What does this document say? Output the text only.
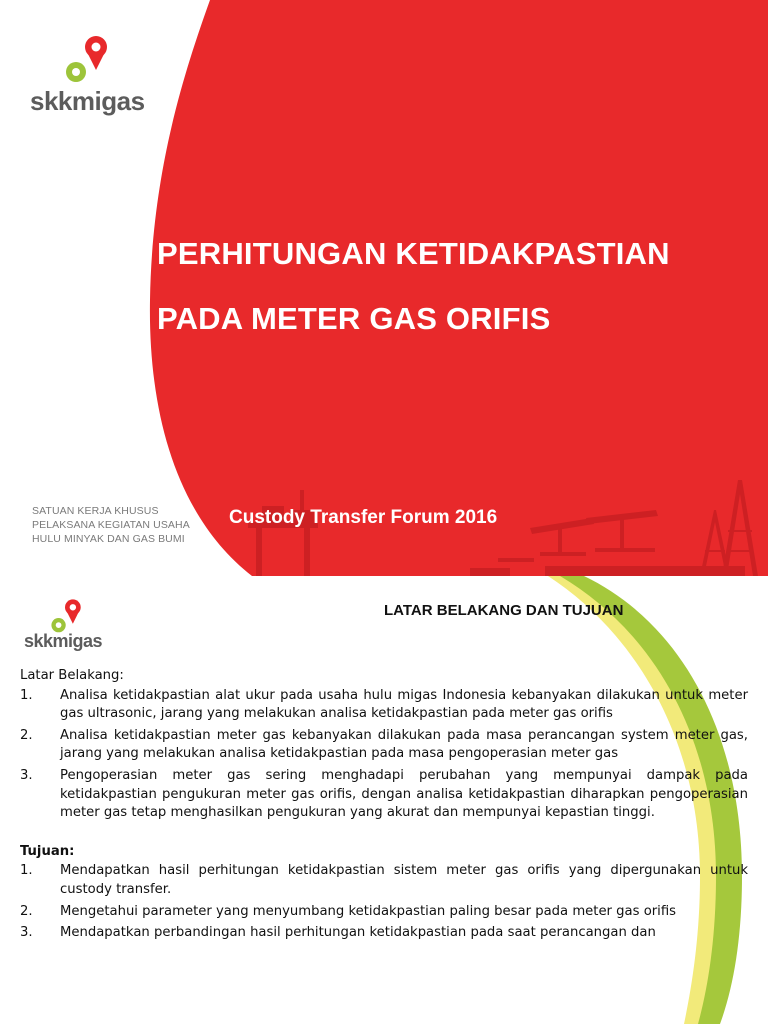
skkmigas
PERHITUNGAN KETIDAKPASTIAN
PADA METER GAS ORIFIS
SATUAN KERJA KHUSUS
PELAKSANA KEGIATAN USAHA
HULU MINYAK DAN GAS BUMI
Custody Transfer Forum 2016
skkmigas
LATAR BELAKANG DAN TUJUAN
Latar Belakang:
1.	Analisa ketidakpastian alat ukur pada usaha hulu migas Indonesia kebanyakan dilakukan untuk meter gas ultrasonic, jarang yang melakukan analisa ketidakpastian pada meter gas orifis
2.	Analisa ketidakpastian meter gas kebanyakan dilakukan pada masa perancangan system meter gas, jarang yang melakukan analisa ketidakpastian pada masa pengoperasian meter gas
3.	Pengoperasian meter gas sering menghadapi perubahan yang mempunyai dampak pada ketidakpastian pengukuran meter gas orifis, dengan analisa ketidakpastian diharapkan pengoperasian meter gas tetap menghasilkan pengukuran yang akurat dan mempunyai kepastian tinggi.
Tujuan:
1.	Mendapatkan hasil perhitungan ketidakpastian sistem meter gas orifis yang dipergunakan untuk custody transfer.
2.	Mengetahui parameter yang menyumbang ketidakpastian paling besar pada meter gas orifis
3.	Mendapatkan perbandingan hasil perhitungan ketidakpastian pada saat perancangan dan
